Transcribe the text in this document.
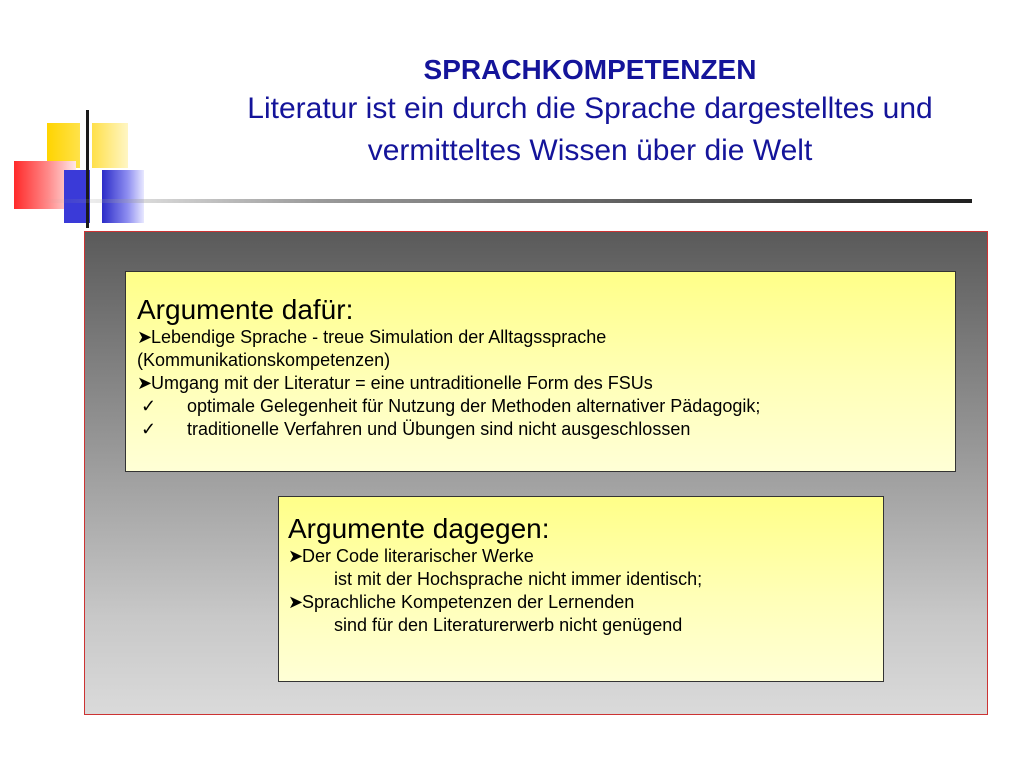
SPRACHKOMPETENZEN
Literatur ist ein durch die Sprache dargestelltes und
vermitteltes Wissen über die Welt
Argumente dafür:
➤Lebendige Sprache - treue Simulation der Alltagssprache
(Kommunikationskompetenzen)
➤Umgang mit der Literatur = eine untraditionelle Form des FSUs
✓ optimale Gelegenheit für Nutzung der Methoden alternativer Pädagogik;
✓ traditionelle Verfahren und Übungen sind nicht ausgeschlossen
Argumente dagegen:
➤Der Code literarischer Werke
ist mit der Hochsprache nicht immer identisch;
➤Sprachliche Kompetenzen der Lernenden
sind für den Literaturerwerb nicht genügend
